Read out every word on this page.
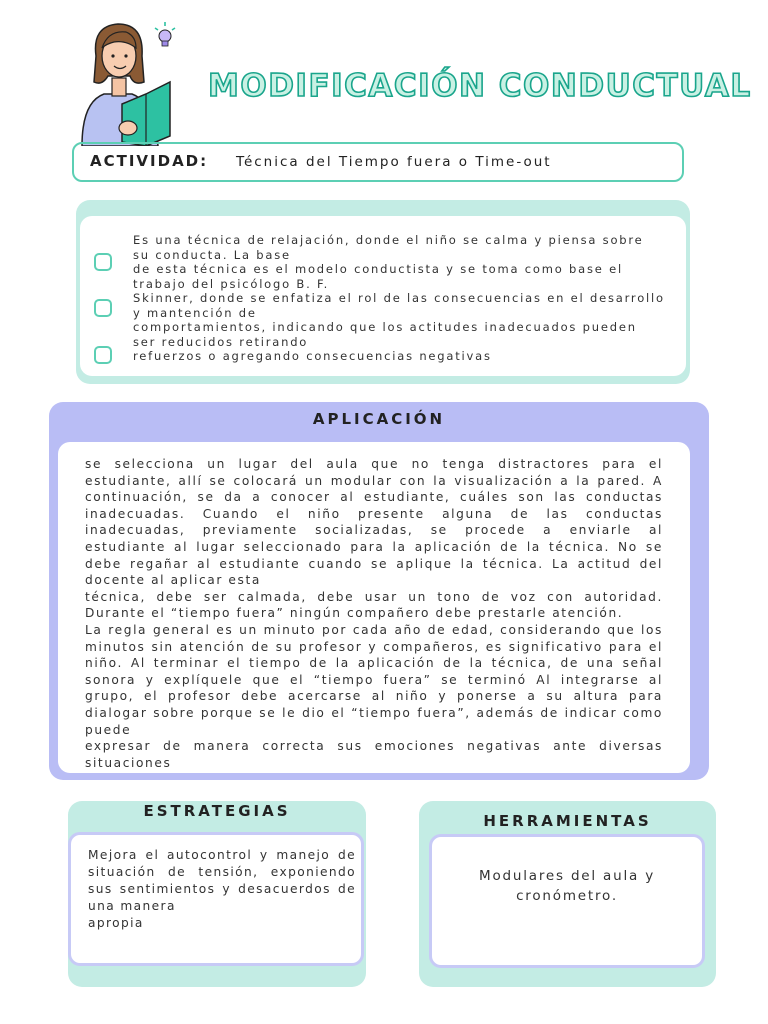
MODIFICACIÓN CONDUCTUAL
ACTIVIDAD: Técnica del Tiempo fuera o Time-out
Es una técnica de relajación, donde el niño se calma y piensa sobre su conducta. La base
de esta técnica es el modelo conductista y se toma como base el trabajo del psicólogo B. F.
Skinner, donde se enfatiza el rol de las consecuencias en el desarrollo y mantención de
comportamientos, indicando que los actitudes inadecuados pueden ser reducidos retirando
refuerzos o agregando consecuencias negativas
APLICACIÓN
se selecciona un lugar del aula que no tenga distractores para el estudiante, allí se colocará un modular con la visualización a la pared. A continuación, se da a conocer al estudiante, cuáles son las conductas inadecuadas. Cuando el niño presente alguna de las conductas inadecuadas, previamente socializadas, se procede a enviarle al estudiante al lugar seleccionado para la aplicación de la técnica. No se debe regañar al estudiante cuando se aplique la técnica. La actitud del docente al aplicar esta
técnica, debe ser calmada, debe usar un tono de voz con autoridad. Durante el “tiempo fuera” ningún compañero debe prestarle atención.
La regla general es un minuto por cada año de edad, considerando que los minutos sin atención de su profesor y compañeros, es significativo para el niño. Al terminar el tiempo de la aplicación de la técnica, de una señal sonora y explíquele que el “tiempo fuera” se terminó Al integrarse al grupo, el profesor debe acercarse al niño y ponerse a su altura para dialogar sobre porque se le dio el “tiempo fuera”, además de indicar como puede
expresar de manera correcta sus emociones negativas ante diversas situaciones
ESTRATEGIAS
Mejora el autocontrol y manejo de situación de tensión, exponiendo sus sentimientos y desacuerdos de una manera
apropia
HERRAMIENTAS
Modulares del aula y cronómetro.
